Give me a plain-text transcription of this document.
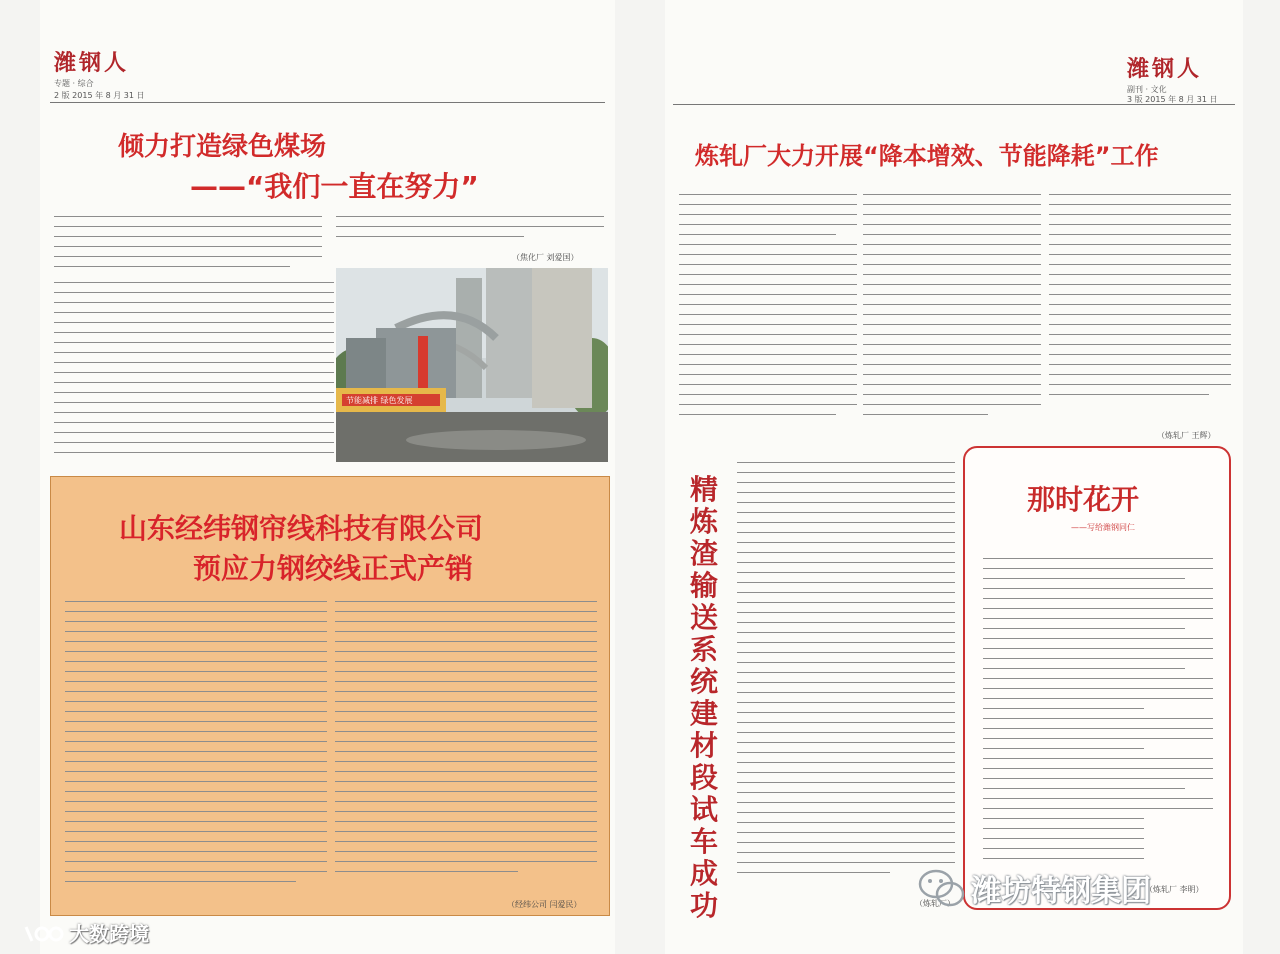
潍钢人
专题 · 综合
2 版 2015 年 8 月 31 日
倾力打造绿色煤场
——“我们一直在努力”
（焦化厂 刘爱国）
节能减排 绿色发展
山东经纬钢帘线科技有限公司
预应力钢绞线正式产销
（经纬公司 闫爱民）
潍钢人
副刊 · 文化
3 版 2015 年 8 月 31 日
炼轧厂大力开展“降本增效、节能降耗”工作
（炼轧厂 王辉）
精炼渣输送系统建材段试车成功	（炼轧厂）
那时花开
——写给潍钢同仁
（炼轧厂 李明）
潍坊特钢集团
大数跨境
